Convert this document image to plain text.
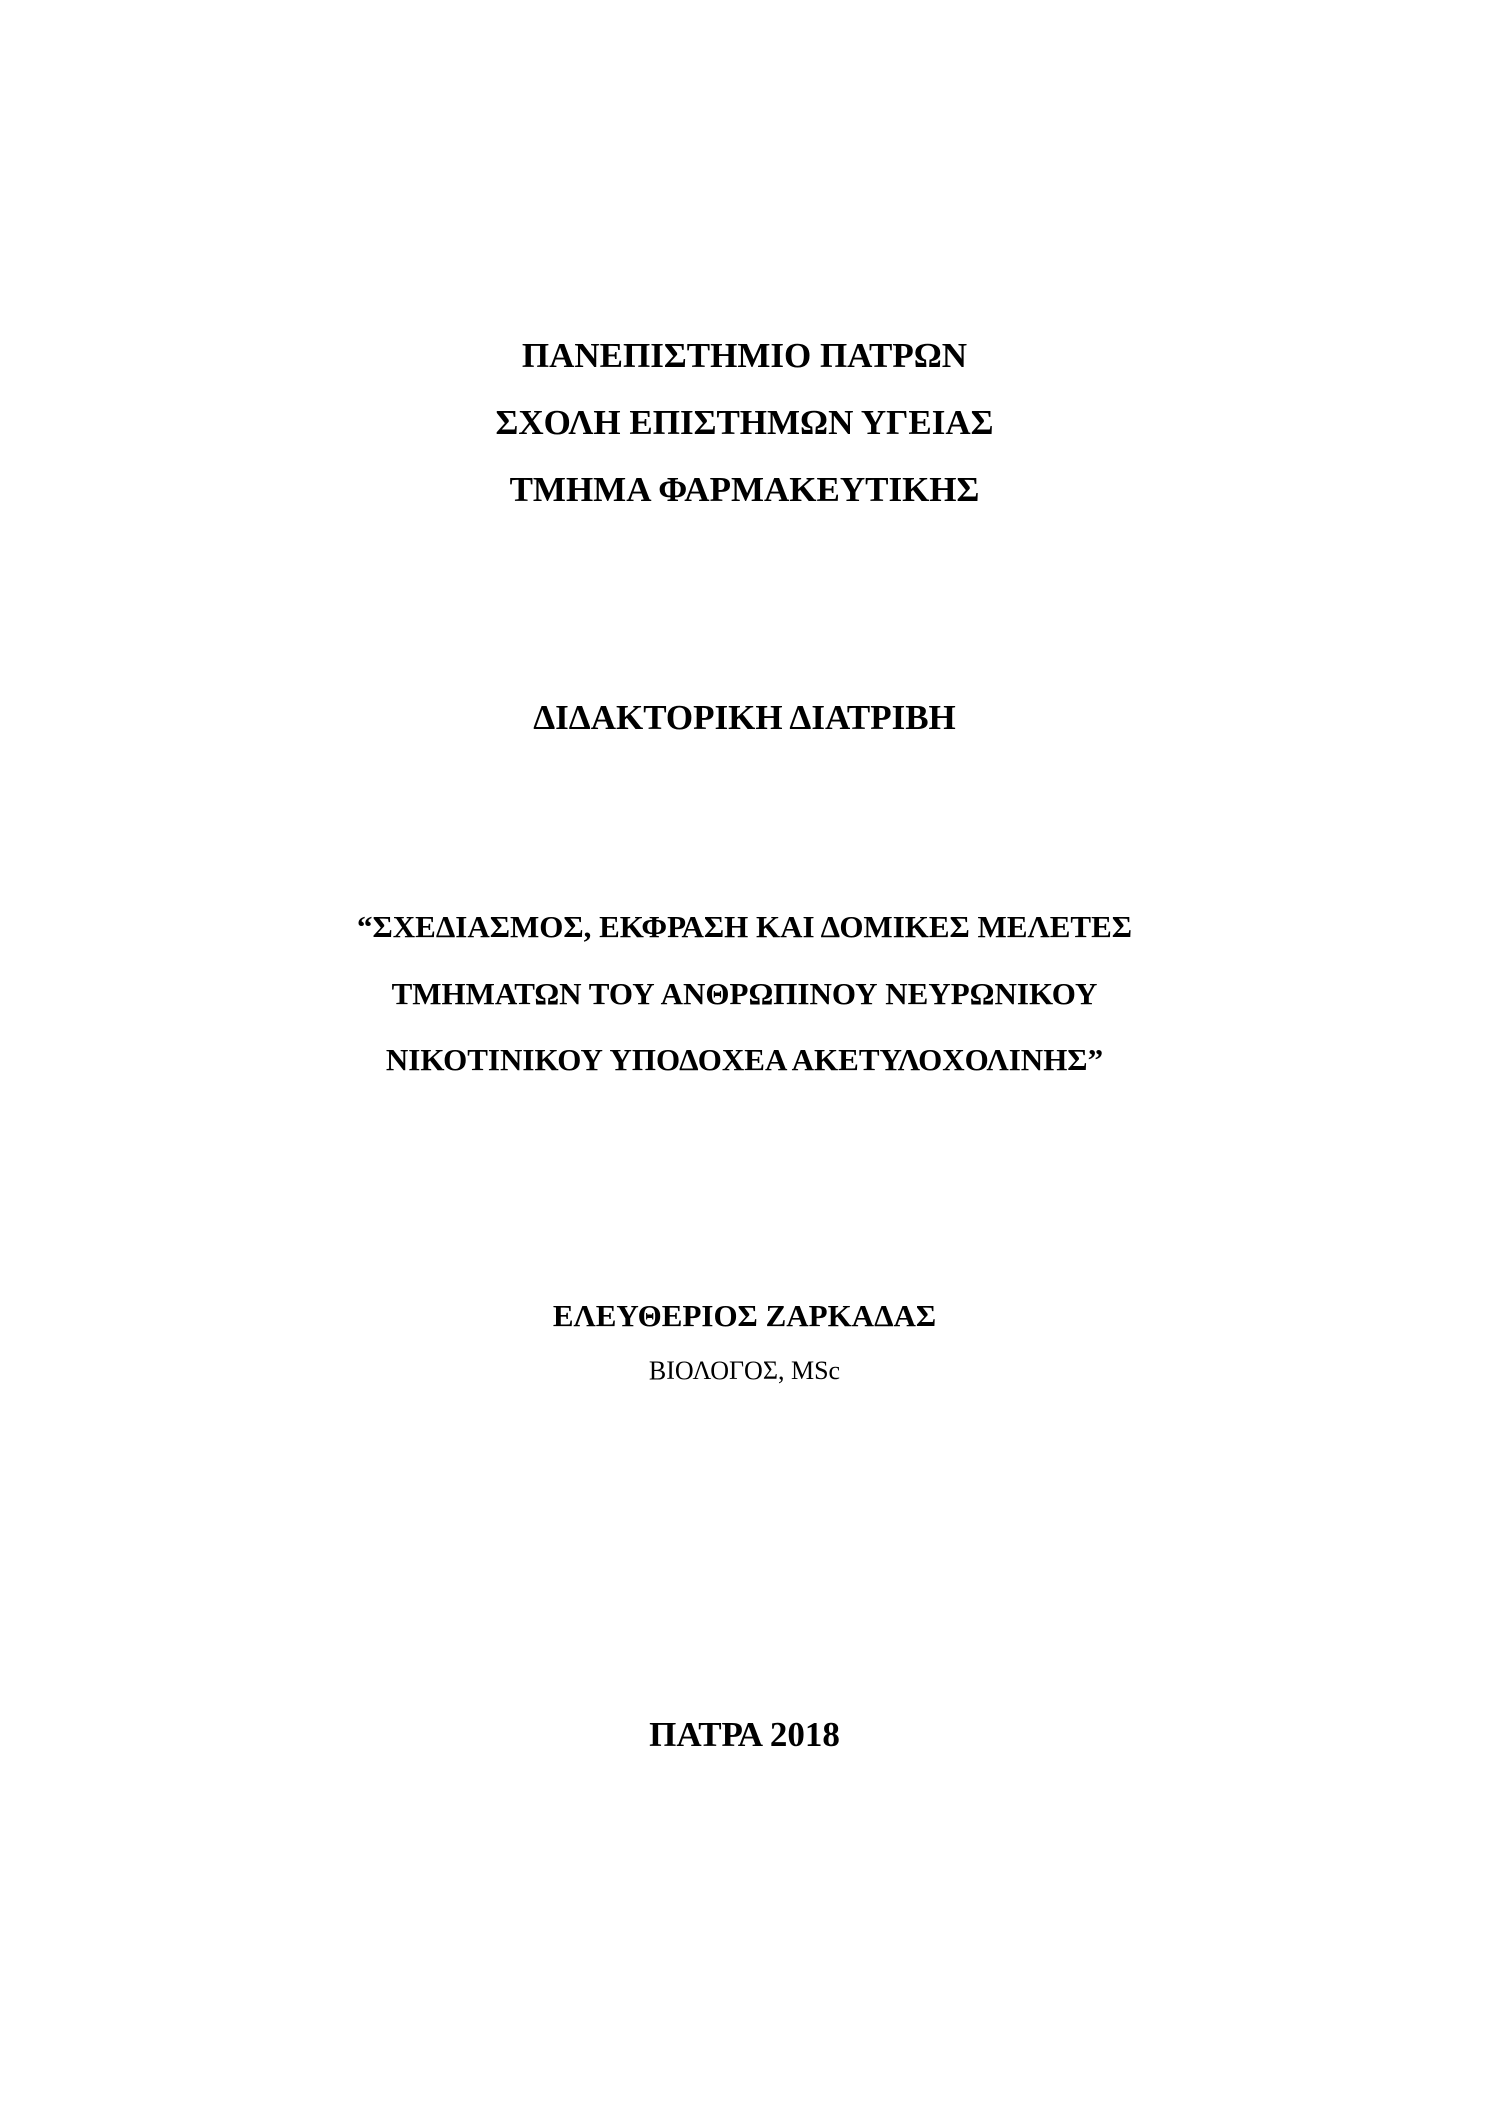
ΠΑΝΕΠΙΣΤΗΜΙΟ ΠΑΤΡΩΝ
ΣΧΟΛΗ ΕΠΙΣΤΗΜΩΝ ΥΓΕΙΑΣ
ΤΜΗΜΑ ΦΑΡΜΑΚΕΥΤΙΚΗΣ
ΔΙΔΑΚΤΟΡΙΚΗ ΔΙΑΤΡΙΒΗ
“ΣΧΕΔΙΑΣΜΟΣ, ΕΚΦΡΑΣΗ ΚΑΙ ΔΟΜΙΚΕΣ ΜΕΛΕΤΕΣ
ΤΜΗΜΑΤΩΝ ΤΟΥ ΑΝΘΡΩΠΙΝΟΥ ΝΕΥΡΩΝΙΚΟΥ
ΝΙΚΟΤΙΝΙΚΟΥ ΥΠΟΔΟΧΕΑ ΑΚΕΤΥΛΟΧΟΛΙΝΗΣ”
ΕΛΕΥΘΕΡΙΟΣ ΖΑΡΚΑΔΑΣ
ΒΙΟΛΟΓΟΣ, MSc
ΠΑΤΡΑ 2018
